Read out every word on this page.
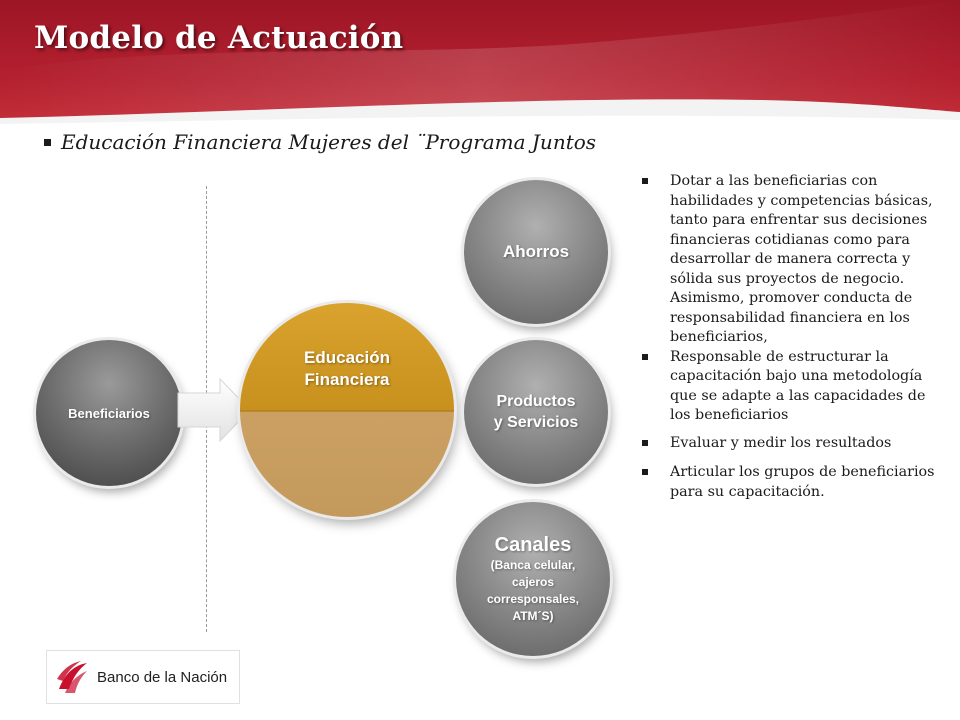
Modelo de Actuación
Educación Financiera Mujeres del ¨Programa Juntos
Beneficiarios
Educación
Financiera
Ahorros
Productos
y Servicios
Canales
(Banca celular,
cajeros
corresponsales,
ATM´S)
Dotar a las beneficiarias con habilidades y competencias básicas, tanto para enfrentar sus decisiones financieras cotidianas como para desarrollar de manera correcta y sólida sus proyectos de negocio. Asimismo, promover conducta de responsabilidad financiera en los beneficiarios,
Responsable de estructurar la capacitación bajo una metodología que se adapte a las capacidades de los beneficiarios
Evaluar y medir los resultados
Articular los grupos de beneficiarios para su capacitación.
Banco de la Nación
